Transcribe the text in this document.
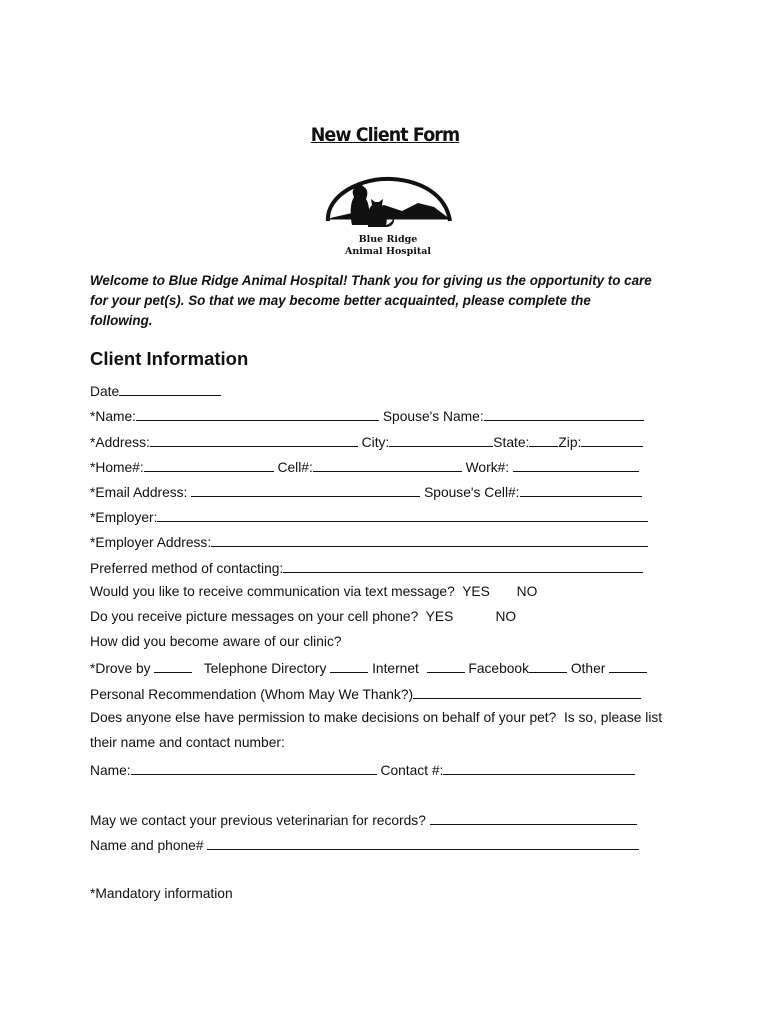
New Client Form
Blue Ridge
Animal Hospital
Welcome to Blue Ridge Animal Hospital! Thank you for giving us the opportunity to care
for your pet(s). So that we may become better acquainted, please complete the
following.
Client Information
Date
*Name:	Spouse's Name:
*Address:	City:	State: Zip:
*Home#:	Cell#:	Work#:
*Email Address:	Spouse's Cell#:
*Employer:
*Employer Address:
Preferred method of contacting:
Would you like to receive communication via text message? YES NO
Do you receive picture messages on your cell phone? YES	NO
How did you become aware of our clinic?
*Drove by	Telephone Directory	Internet	Facebook	Other
Personal Recommendation (Whom May We Thank?)
Does anyone else have permission to make decisions on behalf of your pet?  Is so, please list
their name and contact number:
Name:	Contact #:
May we contact your previous veterinarian for records?
Name and phone#
*Mandatory information
